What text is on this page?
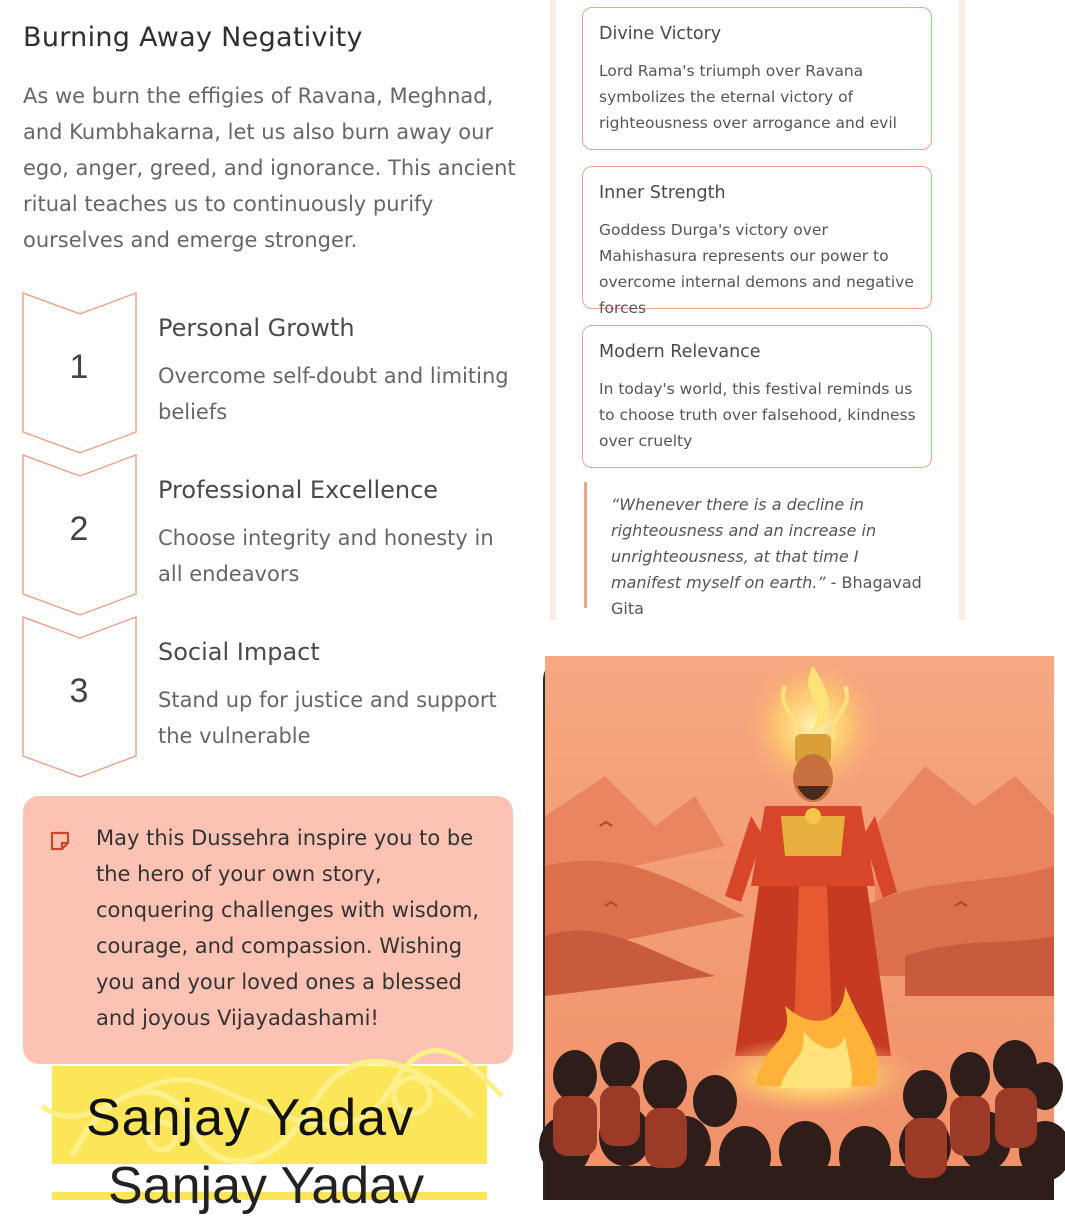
Burning Away Negativity

As we burn the effigies of Ravana, Meghnad, and Kumbhakarna, let us also burn away our ego, anger, greed, and ignorance. This ancient ritual teaches us to continuously purify ourselves and emerge stronger.

1
Personal Growth
Overcome self-doubt and limiting beliefs
2
Professional Excellence
Choose integrity and honesty in all endeavors
3
Social Impact
Stand up for justice and support the vulnerable

May this Dussehra inspire you to be the hero of your own story, conquering challenges with wisdom, courage, and compassion. Wishing you and your loved ones a blessed and joyous Vijayadashami!

Sanjay Yadav
Sanjay Yadav
Divine Victory
Lord Rama's triumph over Ravana symbolizes the eternal victory of righteousness over arrogance and evil
Inner Strength
Goddess Durga's victory over Mahishasura represents our power to overcome internal demons and negative forces
Modern Relevance
In today's world, this festival reminds us to choose truth over falsehood, kindness over cruelty

“Whenever there is a decline in righteousness and an increase in unrighteousness, at that time I manifest myself on earth.” - Bhagavad Gita
